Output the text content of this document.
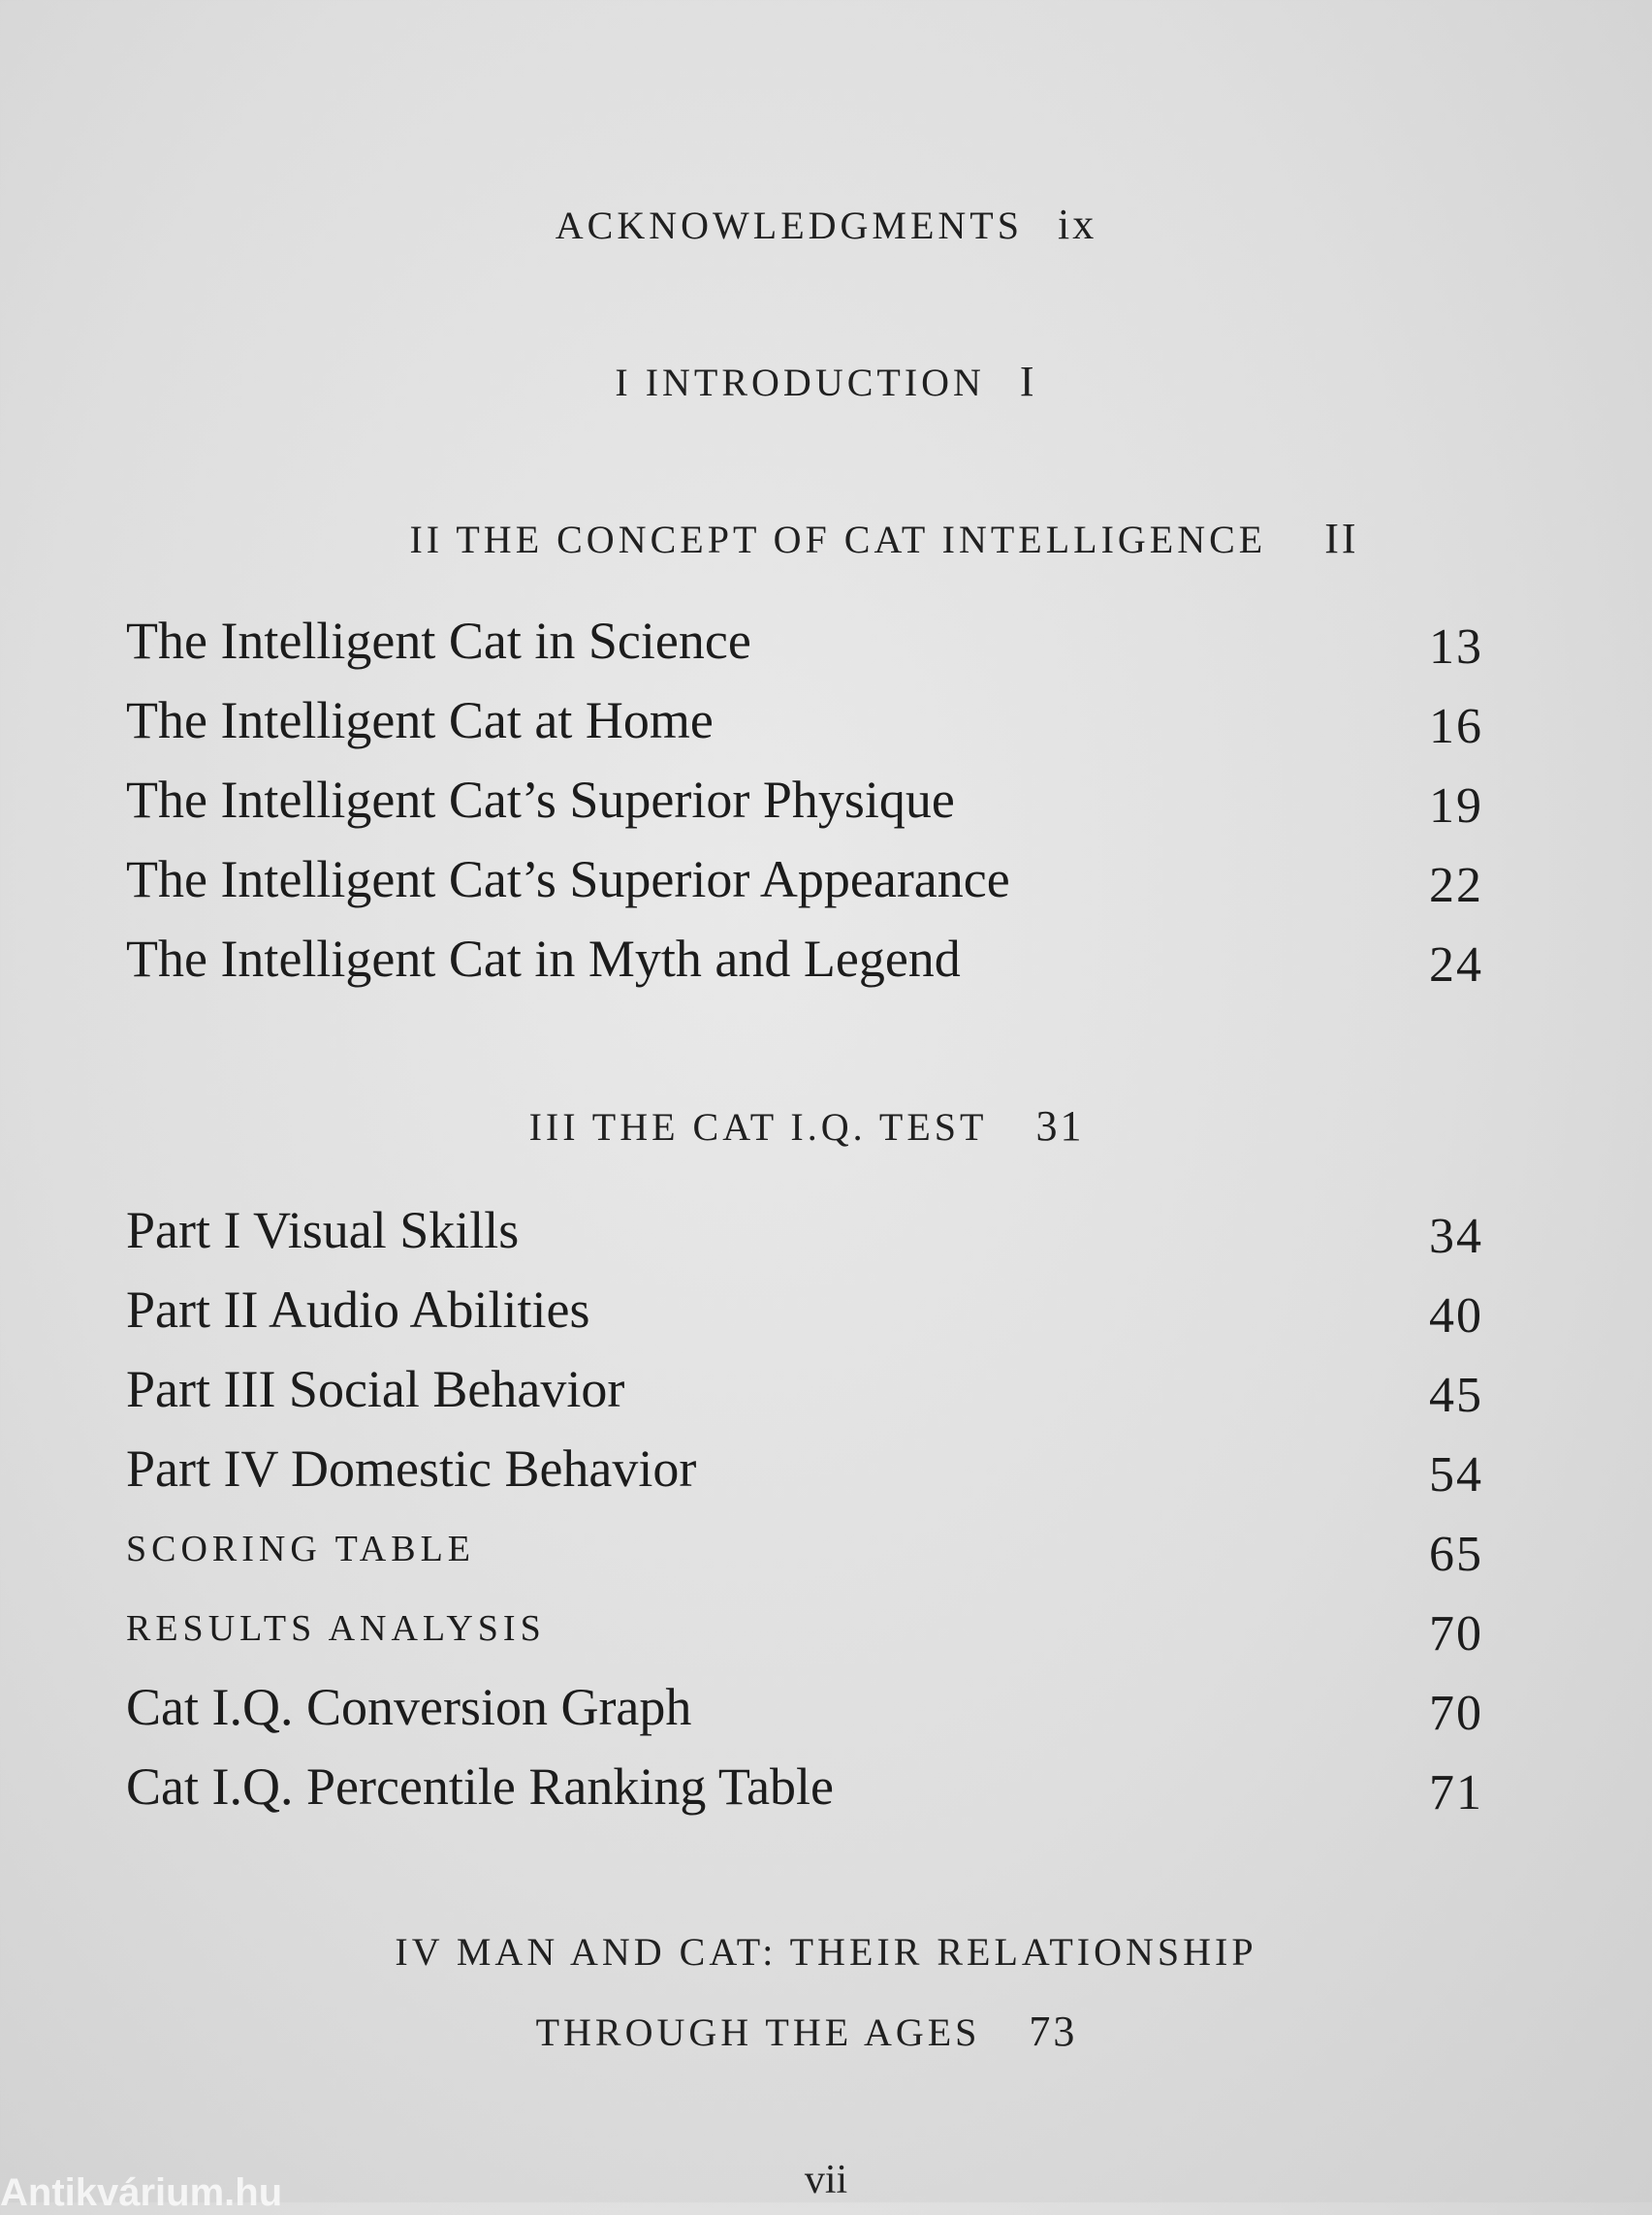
ACKNOWLEDGMENTS ix
I INTRODUCTION I
II THE CONCEPT OF CAT INTELLIGENCE II
The Intelligent Cat in Science	13
The Intelligent Cat at Home	16
The Intelligent Cat’s Superior Physique	19
The Intelligent Cat’s Superior Appearance	22
The Intelligent Cat in Myth and Legend	24
III THE CAT I.Q. TEST 31
Part I Visual Skills	34
Part II Audio Abilities	40
Part III Social Behavior	45
Part IV Domestic Behavior	54
SCORING TABLE	65
RESULTS ANALYSIS	70
Cat I.Q. Conversion Graph	70
Cat I.Q. Percentile Ranking Table	71
IV MAN AND CAT: THEIR RELATIONSHIP
THROUGH THE AGES 73
vii
Antikvárium.hu
